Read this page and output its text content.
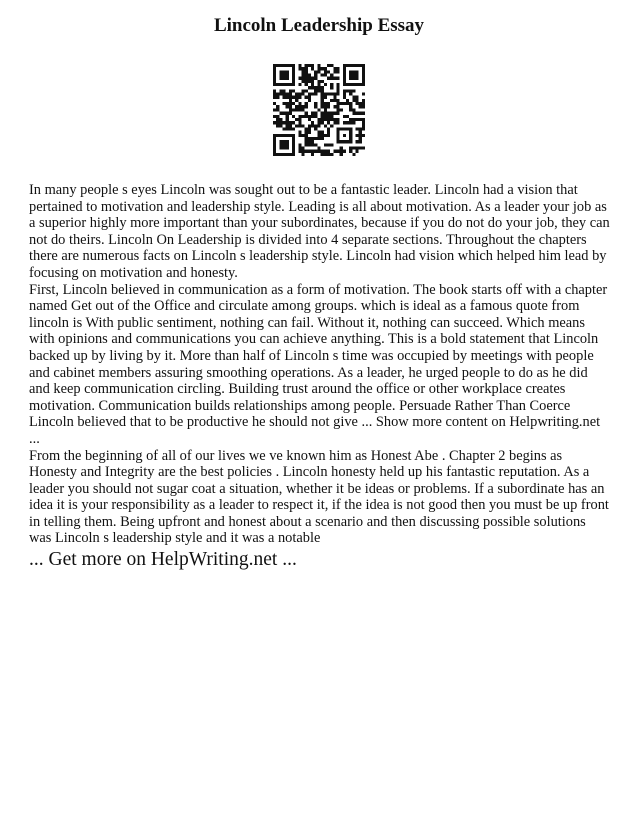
Lincoln Leadership Essay

In many people s eyes Lincoln was sought out to be a fantastic leader. Lincoln had a vision that pertained to motivation and leadership style. Leading is all about motivation. As a leader your job as a superior highly more important than your subordinates, because if you do not do your job, they can not do theirs. Lincoln On Leadership is divided into 4 separate sections. Throughout the chapters there are numerous facts on Lincoln s leadership style. Lincoln had vision which helped him lead by focusing on motivation and honesty.

First, Lincoln believed in communication as a form of motivation. The book starts off with a chapter named Get out of the Office and circulate among groups. which is ideal as a famous quote from lincoln is With public sentiment, nothing can fail. Without it, nothing can succeed. Which means with opinions and communications you can achieve anything. This is a bold statement that Lincoln backed up by living by it. More than half of Lincoln s time was occupied by meetings with people and cabinet members assuring smoothing operations. As a leader, he urged people to do as he did and keep communication circling. Building trust around the office or other workplace creates motivation. Communication builds relationships among people. Persuade Rather Than Coerce Lincoln believed that to be productive he should not give ... Show more content on Helpwriting.net ...

From the beginning of all of our lives we ve known him as Honest Abe . Chapter 2 begins as Honesty and Integrity are the best policies . Lincoln honesty held up his fantastic reputation. As a leader you should not sugar coat a situation, whether it be ideas or problems. If a subordinate has an idea it is your responsibility as a leader to respect it, if the idea is not good then you must be up front in telling them. Being upfront and honest about a scenario and then discussing possible solutions was Lincoln s leadership style and it was a notable

... Get more on HelpWriting.net ...
